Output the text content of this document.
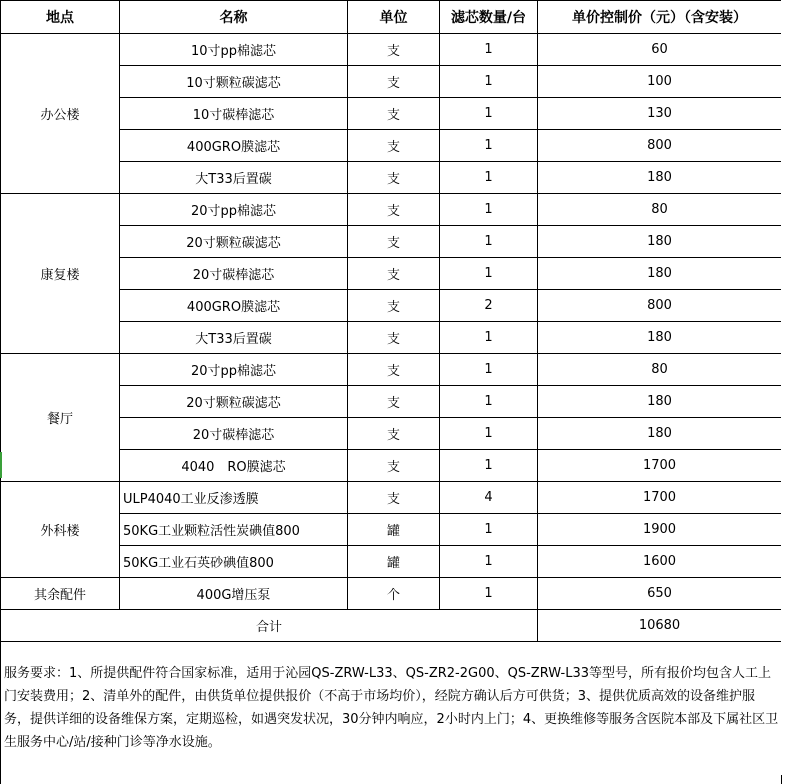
地点	名称	单位	滤芯数量/台	单价控制价（元）（含安装）
办公楼	10寸pp棉滤芯	支	1	60
	10寸颗粒碳滤芯	支	1	100
	10寸碳棒滤芯	支	1	130
	400GRO膜滤芯	支	1	800
	大T33后置碳	支	1	180
康复楼	20寸pp棉滤芯	支	1	80
	20寸颗粒碳滤芯	支	1	180
	20寸碳棒滤芯	支	1	180
	400GRO膜滤芯	支	2	800
	大T33后置碳	支	1	180
餐厅	20寸pp棉滤芯	支	1	80
	20寸颗粒碳滤芯	支	1	180
	20寸碳棒滤芯	支	1	180
	4040　RO膜滤芯	支	1	1700
外科楼	ULP4040工业反渗透膜	支	4	1700
	50KG工业颗粒活性炭碘值800	罐	1	1900
	50KG工业石英砂碘值800	罐	1	1600
其余配件	400G增压泵	个	1	650
合计				10680
服务要求：1、所提供配件符合国家标准，适用于沁园QS-ZRW-L33、QS-ZR2-2G00、QS-ZRW-L33等型号，所有报价均包含人工上门安装费用；2、清单外的配件，由供货单位提供报价（不高于市场均价），经院方确认后方可供货；3、提供优质高效的设备维护服务，提供详细的设备维保方案，定期巡检，如遇突发状况，30分钟内响应，2小时内上门；4、更换维修等服务含医院本部及下属社区卫生服务中心/站/接种门诊等净水设施。				
